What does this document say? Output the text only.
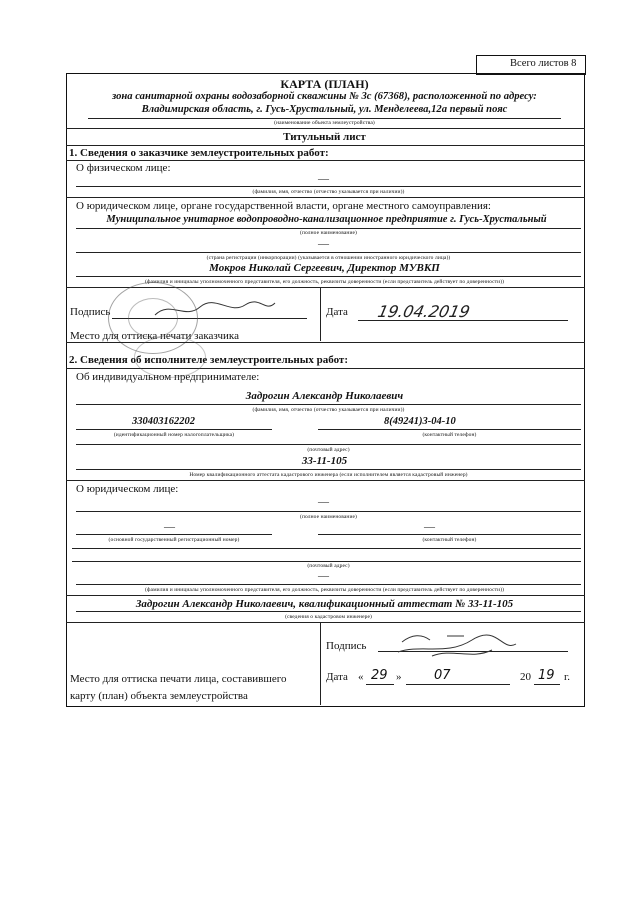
Всего листов 8
КАРТА (ПЛАН)
зона санитарной охраны водозаборной скважины № 3с (67368), расположенной по адресу:
Владимирская область, г. Гусь-Хрустальный, ул. Менделеева,12а первый пояс
(наименование объекта землеустройства)
Титульный лист
1. Сведения о заказчике землеустроительных работ:
О физическом лице:
—
(фамилия, имя, отчество (отчество указывается при наличии))
О юридическом лице, органе государственной власти, органе местного самоуправления:
Муниципальное унитарное водопроводно-канализационное предприятие г. Гусь-Хрустальный
(полное наименование)
—
(страна регистрации (инкорпорации) (указывается в отношении иностранного юридического лица))
Мокров Николай Сергеевич, Директор МУВКП
(фамилия и инициалы уполномоченного представителя, его должность, реквизиты доверенности (если представитель действует по доверенности))
Подпись	Дата 19.04.2019
Место для оттиска печати заказчика
2. Сведения об исполнителе землеустроительных работ:
Об индивидуальном предпринимателе:
Задрогин Александр Николаевич
(фамилия, имя, отчество (отчество указывается при наличии))
330403162202
(идентификационный номер налогоплательщика)
8(49241)3-04-10
(контактный телефон)
(почтовый адрес)
33-11-105
Номер квалификационного аттестата кадастрового инженера (если исполнителем является кадастровый инженер)
О юридическом лице:
—
(полное наименование)
—
(основной государственный регистрационный номер)
—
(контактный телефон)
(почтовый адрес)
—
(фамилия и инициалы уполномоченного представителя, его должность, реквизиты доверенности (если представитель действует по доверенности))
Задрогин Александр Николаевич, квалификационный аттестат № 33-11-105
(сведения о кадастровом инженере)
Подпись
Дата « 29 »	07	20 19 г.
Место для оттиска печати лица, составившего
карту (план) объекта землеустройства
